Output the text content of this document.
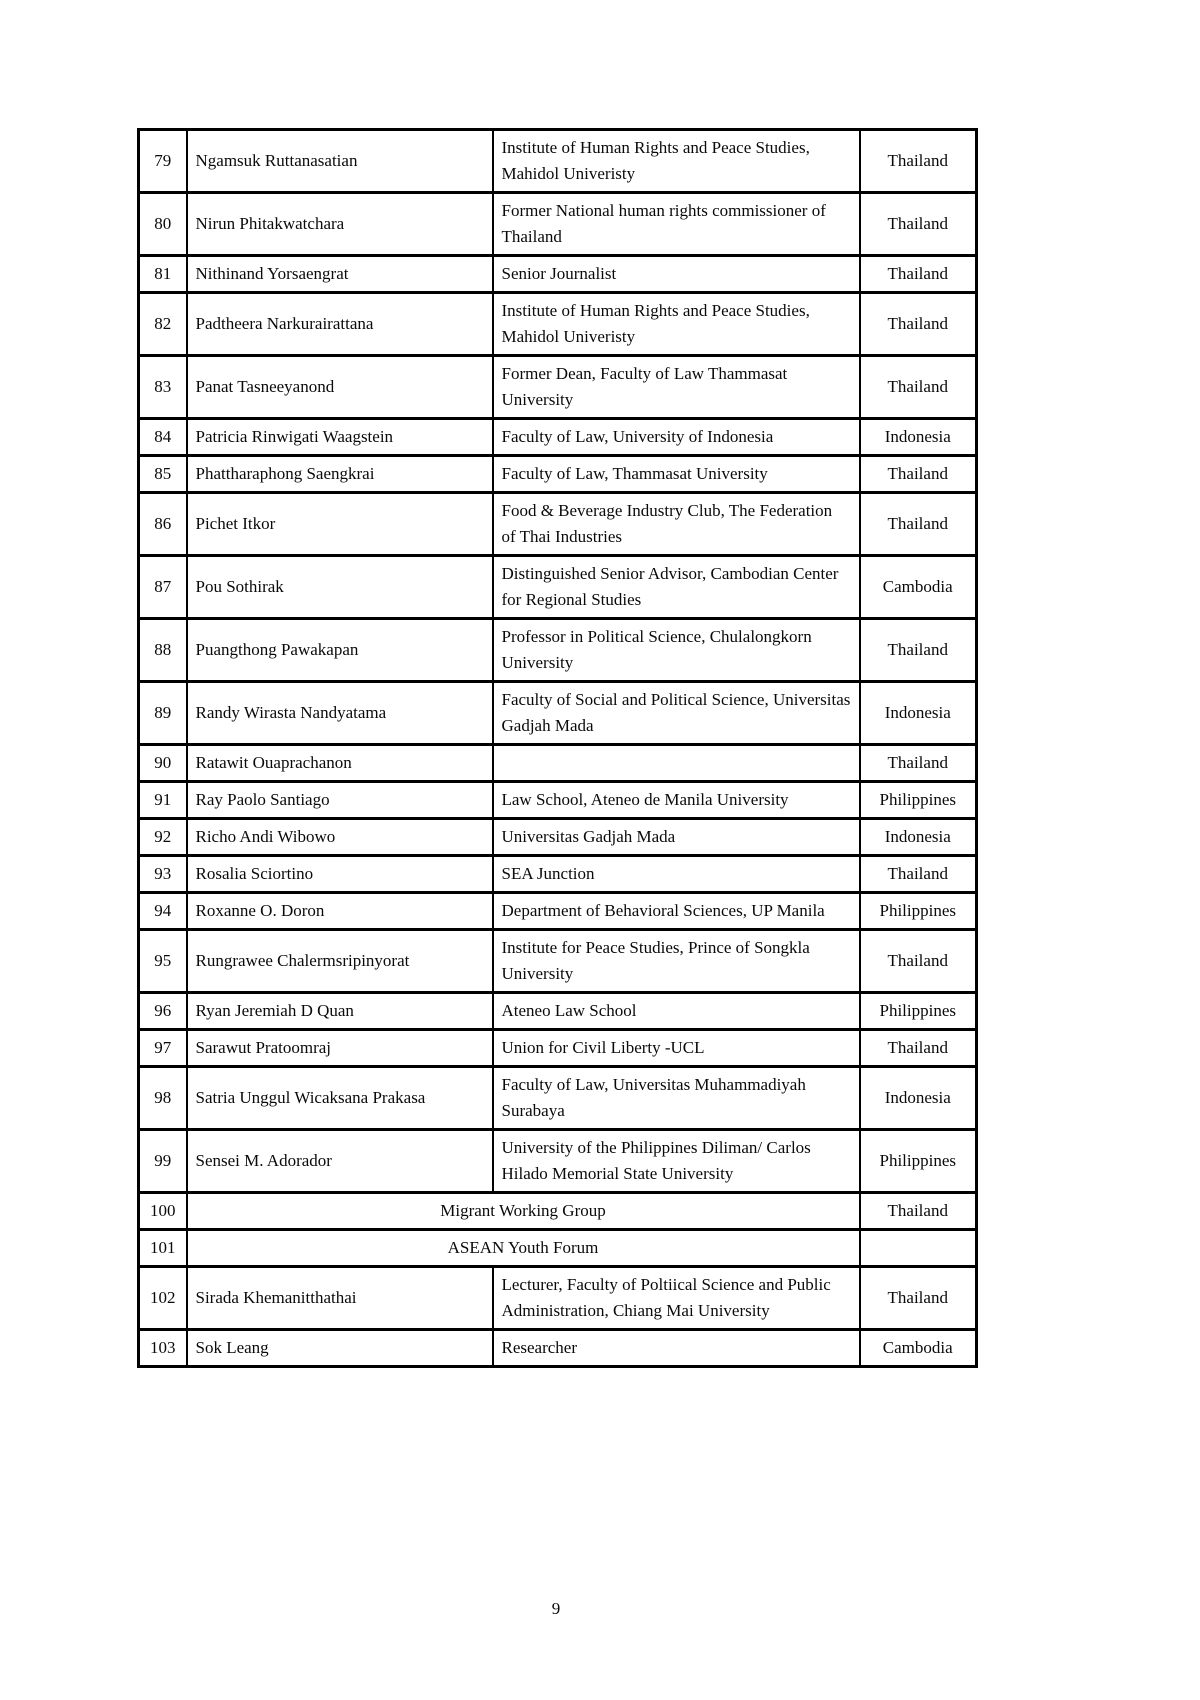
79	Ngamsuk Ruttanasatian	Institute of Human Rights and Peace Studies, Mahidol Univeristy	Thailand
80	Nirun Phitakwatchara	Former National human rights commissioner of Thailand	Thailand
81	Nithinand Yorsaengrat	Senior Journalist	Thailand
82	Padtheera Narkurairattana	Institute of Human Rights and Peace Studies, Mahidol Univeristy	Thailand
83	Panat Tasneeyanond	Former Dean, Faculty of Law Thammasat University	Thailand
84	Patricia Rinwigati Waagstein	Faculty of Law, University of Indonesia	Indonesia
85	Phattharaphong Saengkrai	Faculty of Law, Thammasat University	Thailand
86	Pichet Itkor	Food & Beverage Industry Club, The Federation of Thai Industries	Thailand
87	Pou Sothirak	Distinguished Senior Advisor, Cambodian Center for Regional Studies	Cambodia
88	Puangthong Pawakapan	Professor in Political Science, Chulalongkorn University	Thailand
89	Randy Wirasta Nandyatama	Faculty of Social and Political Science, Universitas Gadjah Mada	Indonesia
90	Ratawit Ouaprachanon		Thailand
91	Ray Paolo Santiago	Law School, Ateneo de Manila University	Philippines
92	Richo Andi Wibowo	Universitas Gadjah Mada	Indonesia
93	Rosalia Sciortino	SEA Junction	Thailand
94	Roxanne O. Doron	Department of Behavioral Sciences, UP Manila	Philippines
95	Rungrawee Chalermsripinyorat	Institute for Peace Studies, Prince of Songkla University	Thailand
96	Ryan Jeremiah D Quan	Ateneo Law School	Philippines
97	Sarawut Pratoomraj	Union for Civil Liberty -UCL	Thailand
98	Satria Unggul Wicaksana Prakasa	Faculty of Law, Universitas Muhammadiyah Surabaya	Indonesia
99	Sensei M. Adorador	University of the Philippines Diliman/ Carlos Hilado Memorial State University	Philippines
100	Migrant Working Group		Thailand
101	ASEAN Youth Forum		
102	Sirada Khemanitthathai	Lecturer, Faculty of Poltiical Science and Public Administration, Chiang Mai University	Thailand
103	Sok Leang	Researcher	Cambodia
9
